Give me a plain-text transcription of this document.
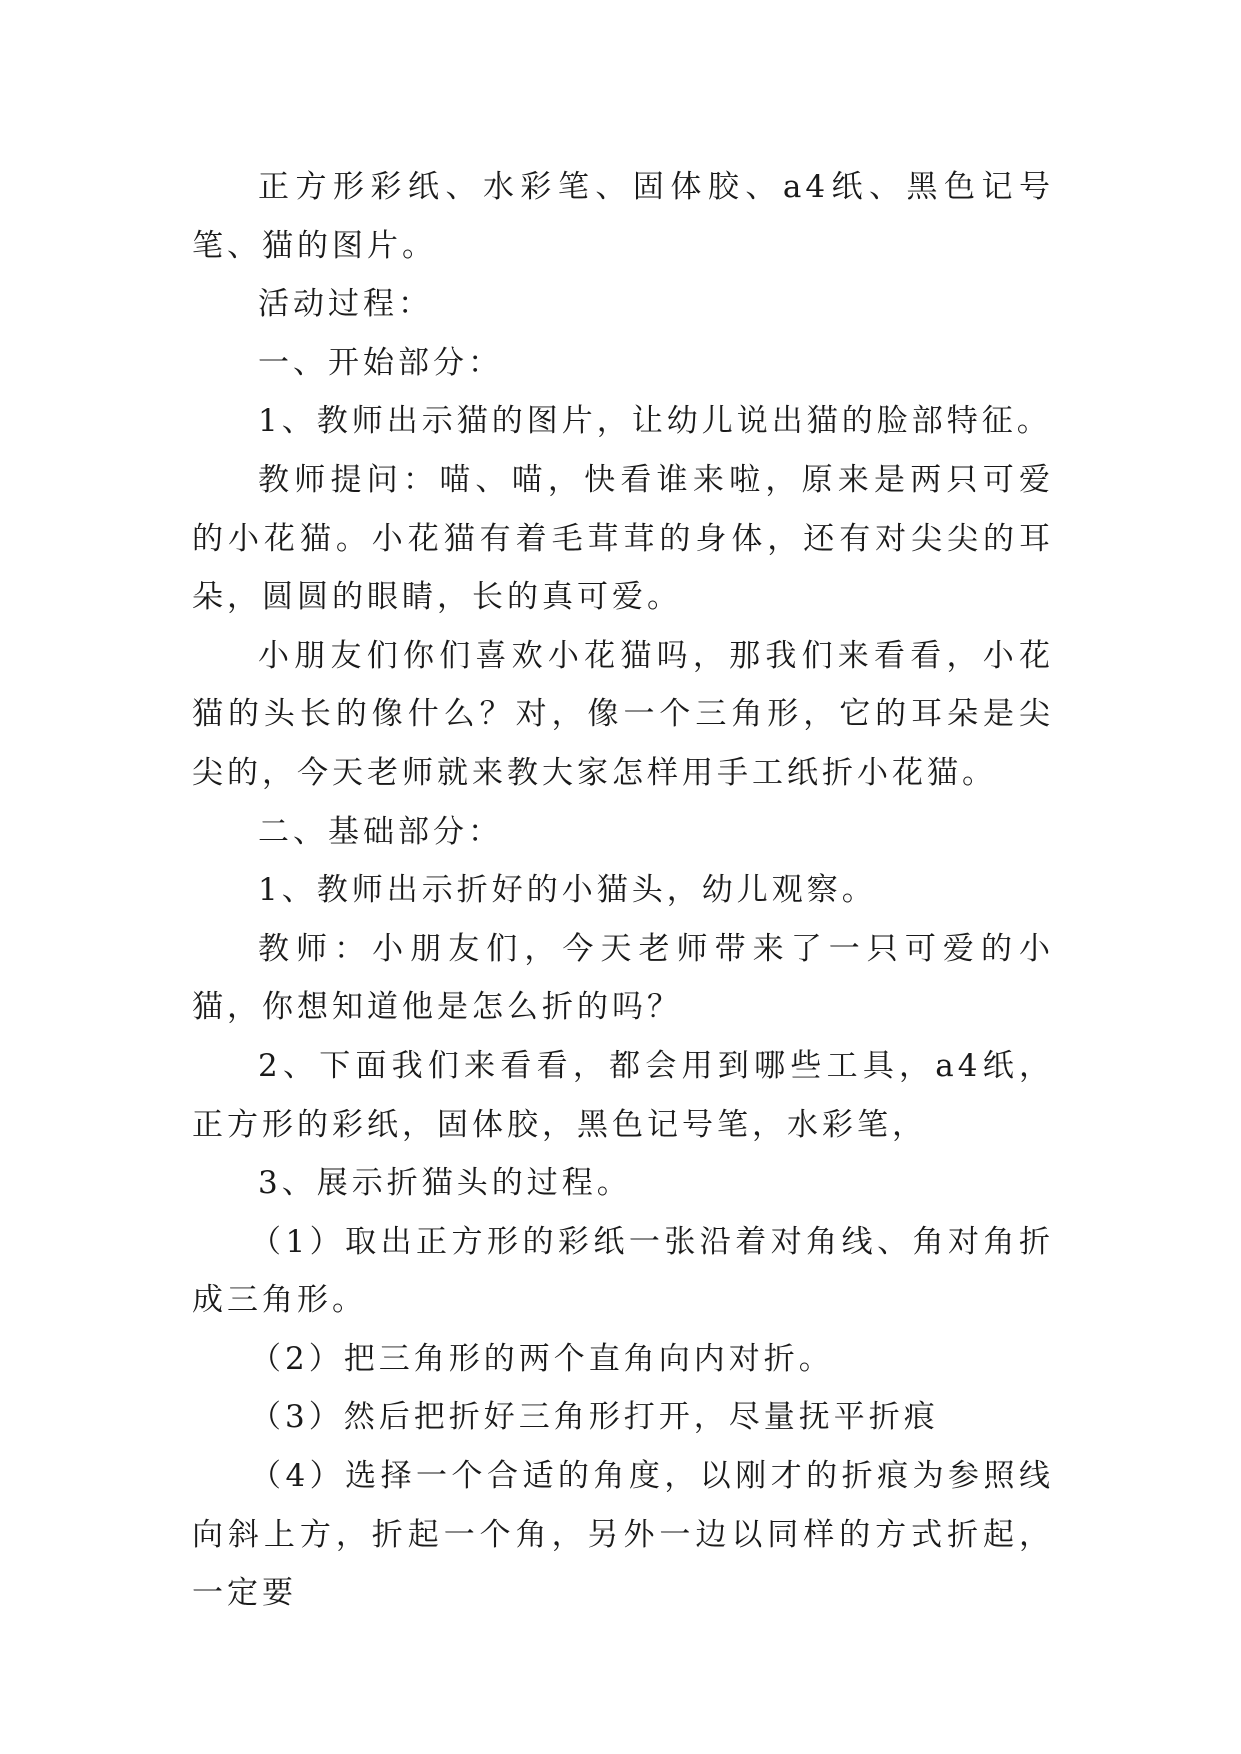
正方形彩纸、水彩笔、固体胶、a4纸、黑色记号笔、猫的图片。

活动过程：

一、开始部分：

1、教师出示猫的图片，让幼儿说出猫的脸部特征。

教师提问：喵、喵，快看谁来啦，原来是两只可爱的小花猫。小花猫有着毛茸茸的身体，还有对尖尖的耳朵，圆圆的眼睛，长的真可爱。

小朋友们你们喜欢小花猫吗，那我们来看看，小花猫的头长的像什么？对，像一个三角形，它的耳朵是尖尖的，今天老师就来教大家怎样用手工纸折小花猫。

二、基础部分：

1、教师出示折好的小猫头，幼儿观察。

教师：小朋友们，今天老师带来了一只可爱的小猫，你想知道他是怎么折的吗？

2、下面我们来看看，都会用到哪些工具，a4纸，正方形的彩纸，固体胶，黑色记号笔，水彩笔，

3、展示折猫头的过程。

（1）取出正方形的彩纸一张沿着对角线、角对角折成三角形。

（2）把三角形的两个直角向内对折。

（3）然后把折好三角形打开，尽量抚平折痕

（4）选择一个合适的角度，以刚才的折痕为参照线向斜上方，折起一个角，另外一边以同样的方式折起，一定要
